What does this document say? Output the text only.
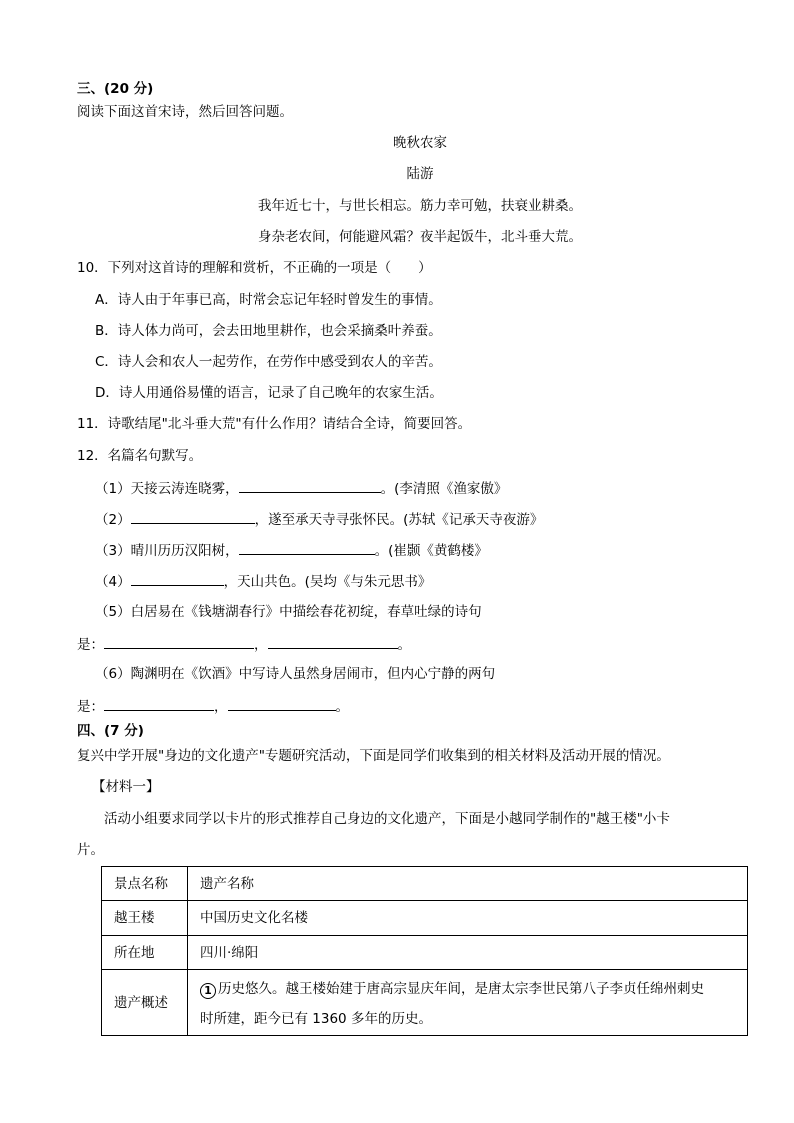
三、(20 分)
阅读下面这首宋诗，然后回答问题。
晚秋农家
陆游
我年近七十，与世长相忘。筋力幸可勉，扶衰业耕桑。
身杂老农间，何能避风霜？夜半起饭牛，北斗垂大荒。
10．下列对这首诗的理解和赏析，不正确的一项是（　　）
A．诗人由于年事已高，时常会忘记年轻时曾发生的事情。
B．诗人体力尚可，会去田地里耕作，也会采摘桑叶养蚕。
C．诗人会和农人一起劳作，在劳作中感受到农人的辛苦。
D．诗人用通俗易懂的语言，记录了自己晚年的农家生活。
11．诗歌结尾"北斗垂大荒"有什么作用？请结合全诗，简要回答。
12．名篇名句默写。
（1）天接云涛连晓雾，	。(李清照《渔家傲》
（2）	，遂至承天寺寻张怀民。(苏轼《记承天寺夜游》
（3）晴川历历汉阳树，	。(崔颢《黄鹤楼》
（4）	，天山共色。(吴均《与朱元思书》
（5）白居易在《钱塘湖春行》中描绘春花初绽，春草吐绿的诗句
是：	，	。
（6）陶渊明在《饮酒》中写诗人虽然身居闹市，但内心宁静的两句
是：	，	。
四、(7 分)
复兴中学开展"身边的文化遗产"专题研究活动，下面是同学们收集到的相关材料及活动开展的情况。
【材料一】
活动小组要求同学以卡片的形式推荐自己身边的文化遗产，下面是小越同学制作的"越王楼"小卡
片。
景点名称	遗产名称
越王楼	中国历史文化名楼
所在地	四川·绵阳
遗产概述	1 历史悠久。越王楼始建于唐高宗显庆年间，是唐太宗李世民第八子李贞任绵州刺史
时所建，距今已有 1360 多年的历史。
